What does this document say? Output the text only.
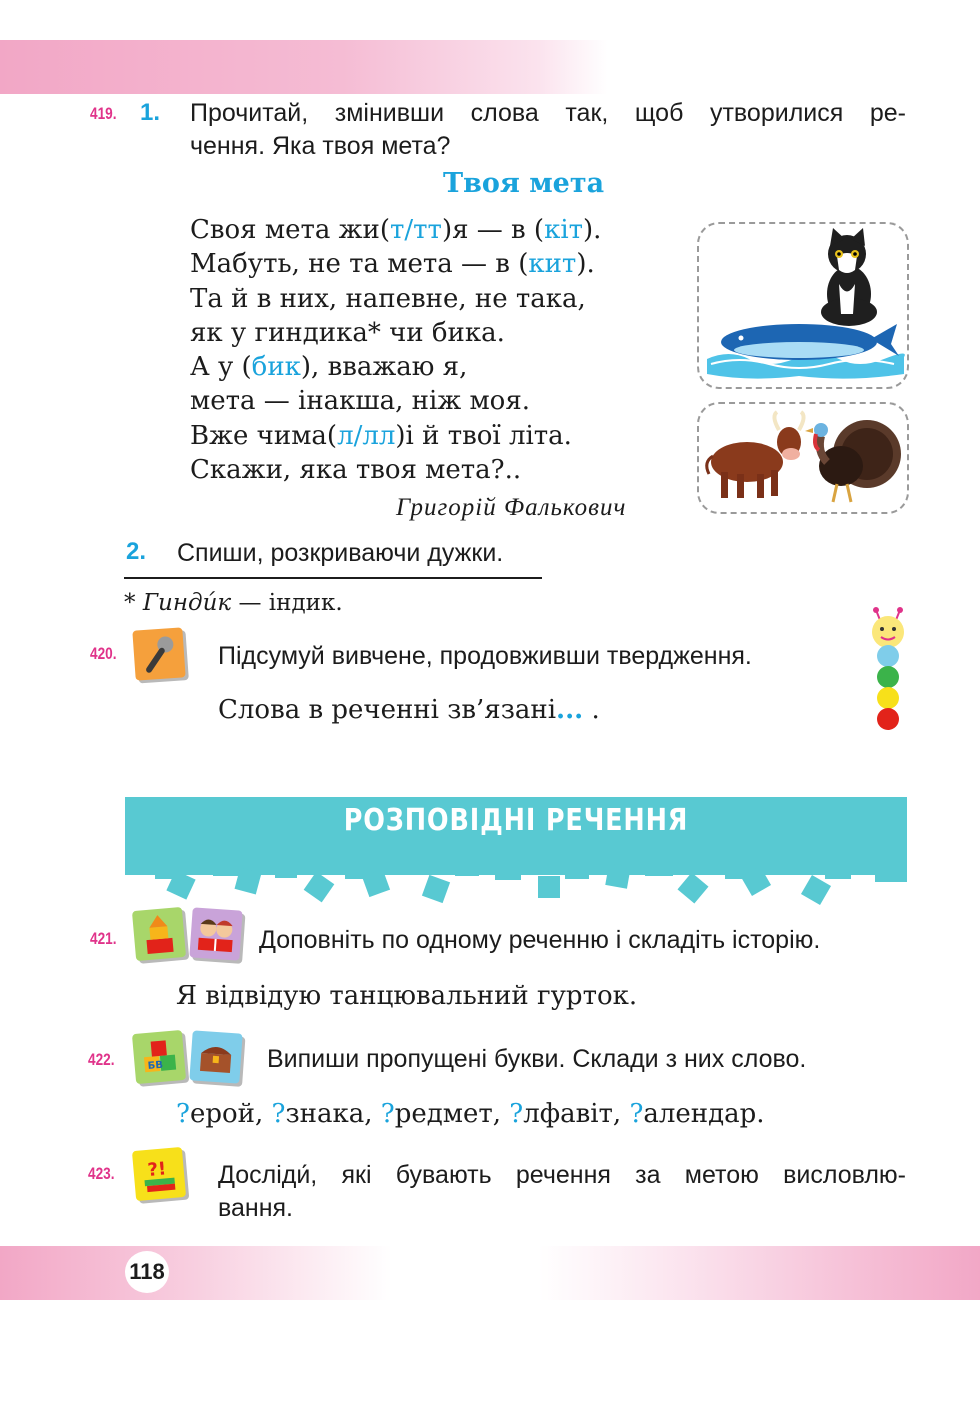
419. 1. Прочитай, змінивши слова так, щоб утворилися ре-
чення. Яка твоя мета?
Твоя мета
Своя мета жи(т/тт)я — в (кіт).
Мабуть, не та мета — в (кит).
Та й в них, напевне, не така,
як у гиндика* чи бика.
А у (бик), вважаю я,
мета — інакша, ніж моя.
Вже чима(л/лл)і й твої літа.
Скажи, яка твоя мета?..
Григорій Фалькович
2. Спиши, розкриваючи дужки.
* Гинди́к — індик.
420.	Підсумуй вивчене, продовживши твердження.
Слова в реченні зв’язані... .
РОЗПОВІДНІ РЕЧЕННЯ
421.	Доповніть по одному реченню і складіть історію.
Я відвідую танцювальний гурток.
422.	БВ	Випиши пропущені букви. Склади з них слово.
?ерой, ?знака, ?редмет, ?лфавіт, ?алендар.
423. ?! Досліди́, які бувають речення за метою висловлю-
вання.
118
